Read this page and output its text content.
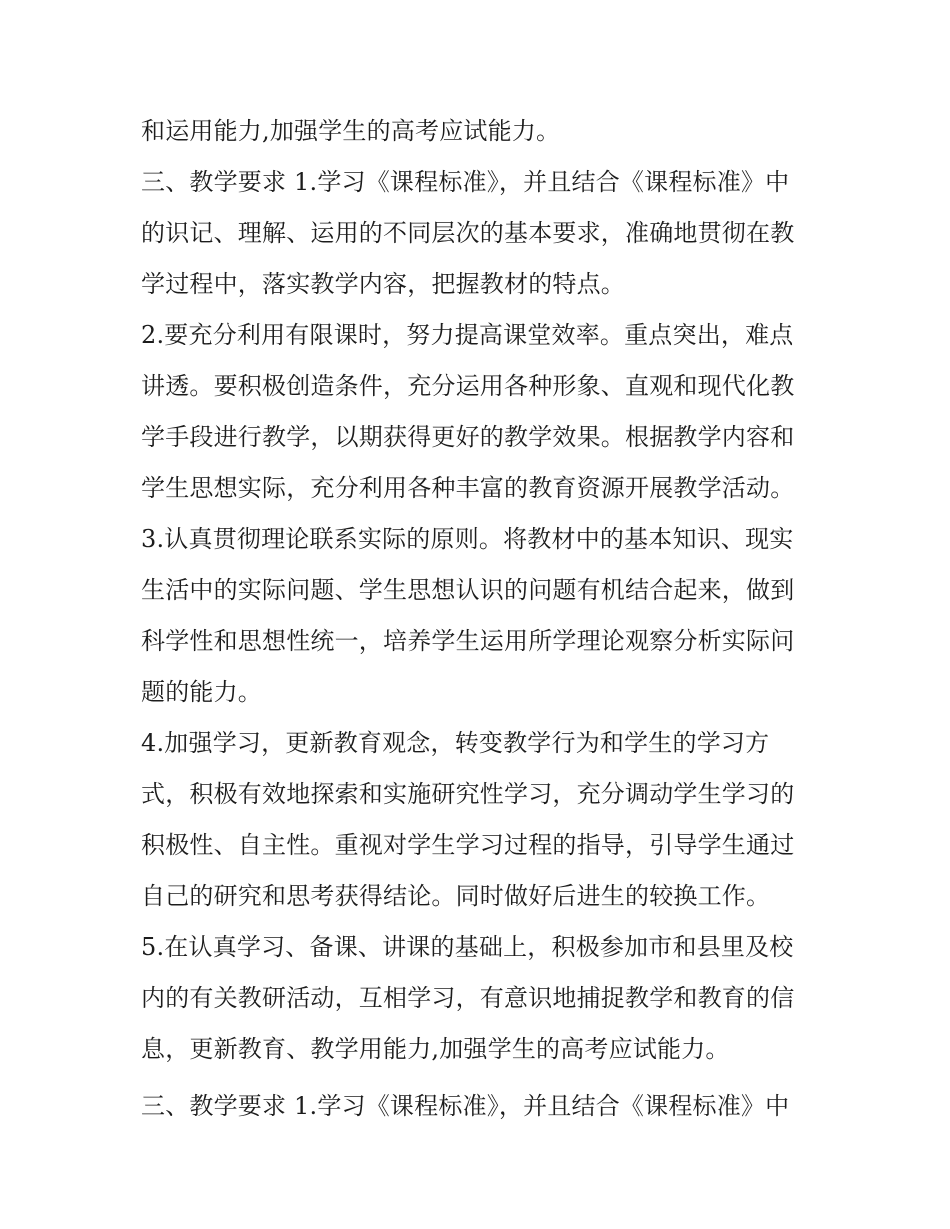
和运用能力,加强学生的高考应试能力。
三、教学要求 1.学习《课程标准》，并且结合《课程标准》中
的识记、理解、运用的不同层次的基本要求，准确地贯彻在教
学过程中，落实教学内容，把握教材的特点。
2.要充分利用有限课时，努力提高课堂效率。重点突出，难点
讲透。要积极创造条件，充分运用各种形象、直观和现代化教
学手段进行教学，以期获得更好的教学效果。根据教学内容和
学生思想实际，充分利用各种丰富的教育资源开展教学活动。
3.认真贯彻理论联系实际的原则。将教材中的基本知识、现实
生活中的实际问题、学生思想认识的问题有机结合起来，做到
科学性和思想性统一，培养学生运用所学理论观察分析实际问
题的能力。
4.加强学习，更新教育观念，转变教学行为和学生的学习方
式，积极有效地探索和实施研究性学习，充分调动学生学习的
积极性、自主性。重视对学生学习过程的指导，引导学生通过
自己的研究和思考获得结论。同时做好后进生的较换工作。
5.在认真学习、备课、讲课的基础上，积极参加市和县里及校
内的有关教研活动，互相学习，有意识地捕捉教学和教育的信
息，更新教育、教学用能力,加强学生的高考应试能力。
三、教学要求 1.学习《课程标准》，并且结合《课程标准》中
